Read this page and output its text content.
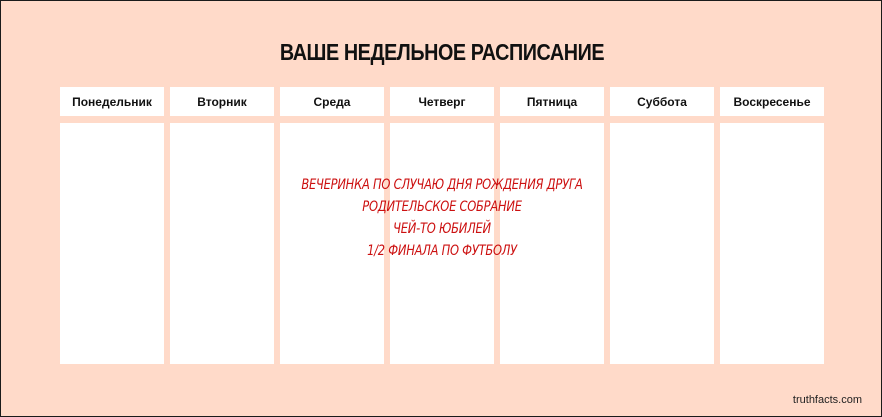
ВАШЕ НЕДЕЛЬНОЕ РАСПИСАНИЕ
Понедельник	Вторник	Среда	Четверг	Пятница	Суббота	Воскресенье
ВЕЧЕРИНКА ПО СЛУЧАЮ ДНЯ РОЖДЕНИЯ ДРУГА
РОДИТЕЛЬСКОЕ СОБРАНИЕ
ЧЕЙ-ТО ЮБИЛЕЙ
1/2 ФИНАЛА ПО ФУТБОЛУ
truthfacts.com
